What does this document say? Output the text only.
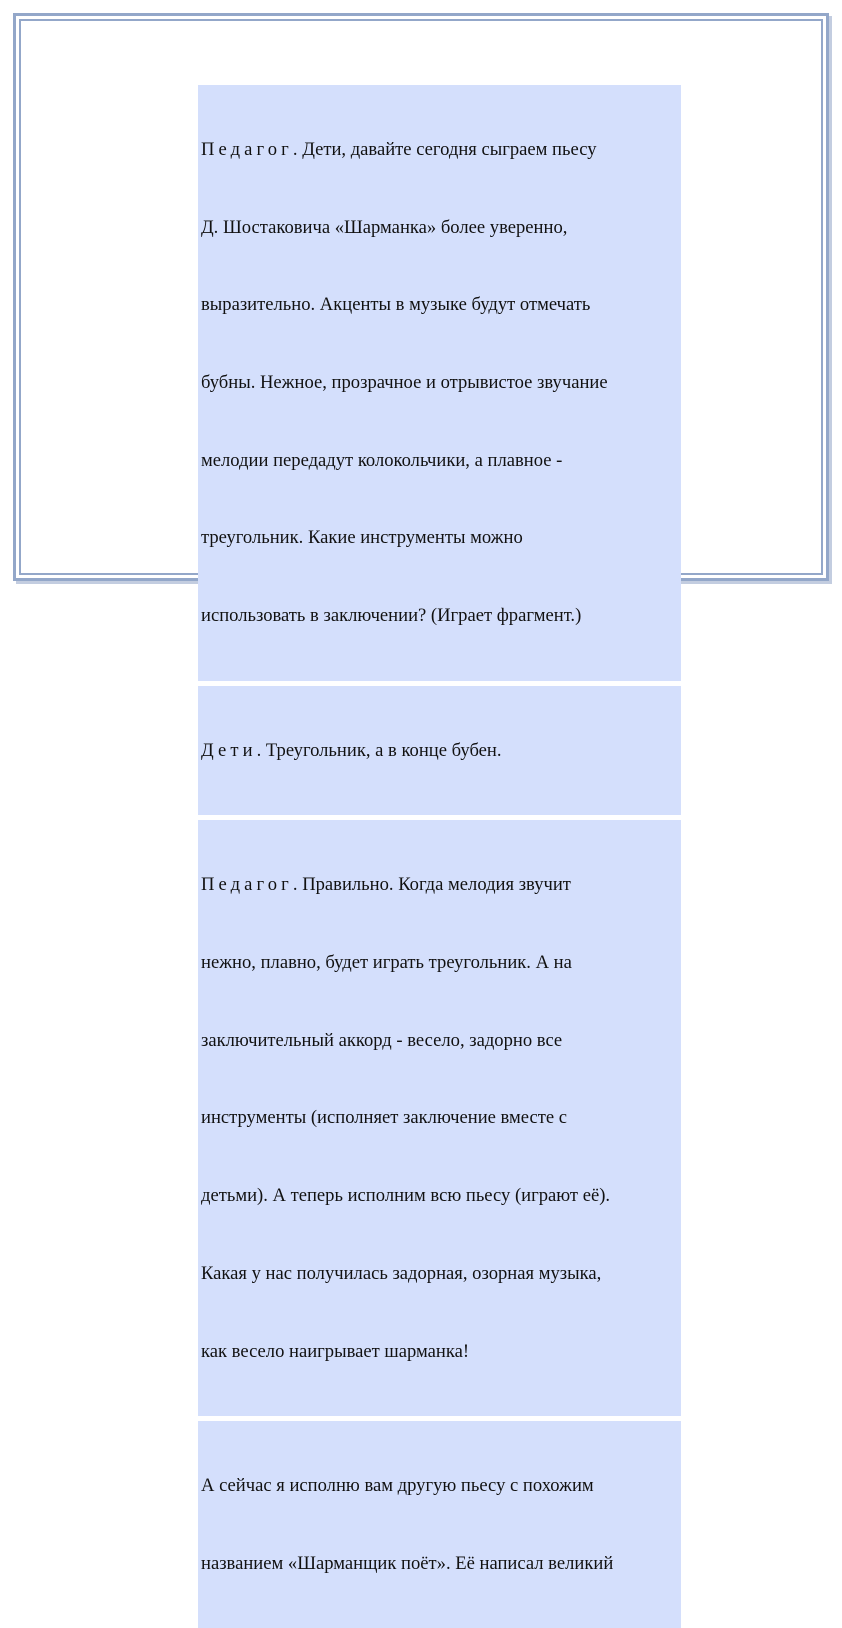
Педагог. Дети, давайте сегодня сыграем пьесу

Д. Шостаковича «Шарманка» более уверенно,

выразительно. Акценты в музыке будут отмечать

бубны. Нежное, прозрачное и отрывистое звучание

мелодии передадут колокольчики, а плавное -

треугольник. Какие инструменты можно

использовать в заключении? (Играет фрагмент.)

Дети. Треугольник, а в конце бубен.

Педагог. Правильно. Когда мелодия звучит

нежно, плавно, будет играть треугольник. А на

заключительный аккорд - весело, задорно все

инструменты (исполняет заключение вместе с

детьми). А теперь исполним всю пьесу (играют её).

Какая у нас получилась задорная, озорная музыка,

как весело наигрывает шарманка!

А сейчас я исполню вам другую пьесу с похожим

названием «Шарманщик поёт». Её написал великий
